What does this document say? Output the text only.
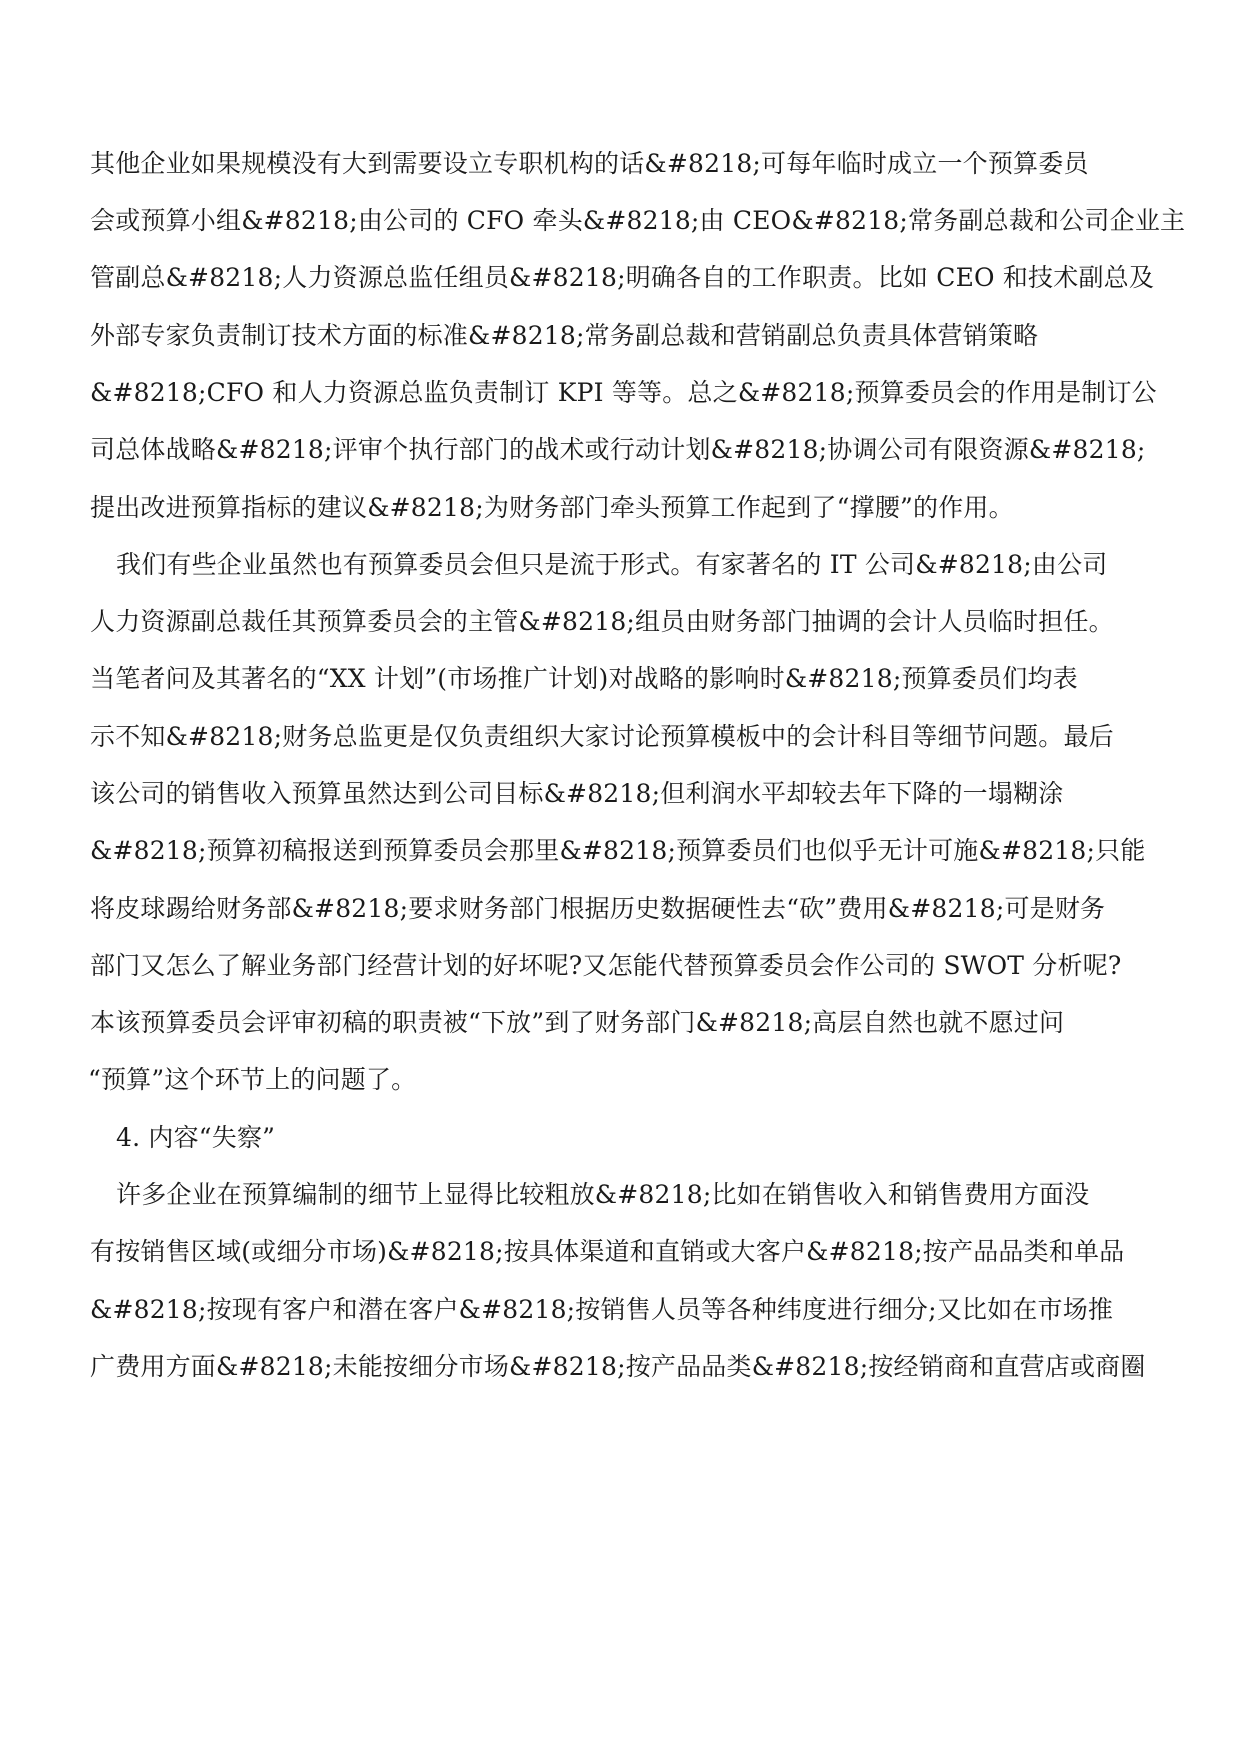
其他企业如果规模没有大到需要设立专职机构的话&#8218;可每年临时成立一个预算委员
会或预算小组&#8218;由公司的 CFO 牵头&#8218;由 CEO&#8218;常务副总裁和公司企业主
管副总&#8218;人力资源总监任组员&#8218;明确各自的工作职责。比如 CEO 和技术副总及
外部专家负责制订技术方面的标准&#8218;常务副总裁和营销副总负责具体营销策略
&#8218;CFO 和人力资源总监负责制订 KPI 等等。总之&#8218;预算委员会的作用是制订公
司总体战略&#8218;评审个执行部门的战术或行动计划&#8218;协调公司有限资源&#8218;
提出改进预算指标的建议&#8218;为财务部门牵头预算工作起到了“撑腰”的作用。
我们有些企业虽然也有预算委员会但只是流于形式。有家著名的 IT 公司&#8218;由公司
人力资源副总裁任其预算委员会的主管&#8218;组员由财务部门抽调的会计人员临时担任。
当笔者问及其著名的“XX 计划”(市场推广计划)对战略的影响时&#8218;预算委员们均表
示不知&#8218;财务总监更是仅负责组织大家讨论预算模板中的会计科目等细节问题。最后
该公司的销售收入预算虽然达到公司目标&#8218;但利润水平却较去年下降的一塌糊涂
&#8218;预算初稿报送到预算委员会那里&#8218;预算委员们也似乎无计可施&#8218;只能
将皮球踢给财务部&#8218;要求财务部门根据历史数据硬性去“砍”费用&#8218;可是财务
部门又怎么了解业务部门经营计划的好坏呢?又怎能代替预算委员会作公司的 SWOT 分析呢?
本该预算委员会评审初稿的职责被“下放”到了财务部门&#8218;高层自然也就不愿过问
“预算”这个环节上的问题了。
4. 内容“失察”
许多企业在预算编制的细节上显得比较粗放&#8218;比如在销售收入和销售费用方面没
有按销售区域(或细分市场)&#8218;按具体渠道和直销或大客户&#8218;按产品品类和单品
&#8218;按现有客户和潜在客户&#8218;按销售人员等各种纬度进行细分;又比如在市场推
广费用方面&#8218;未能按细分市场&#8218;按产品品类&#8218;按经销商和直营店或商圈
